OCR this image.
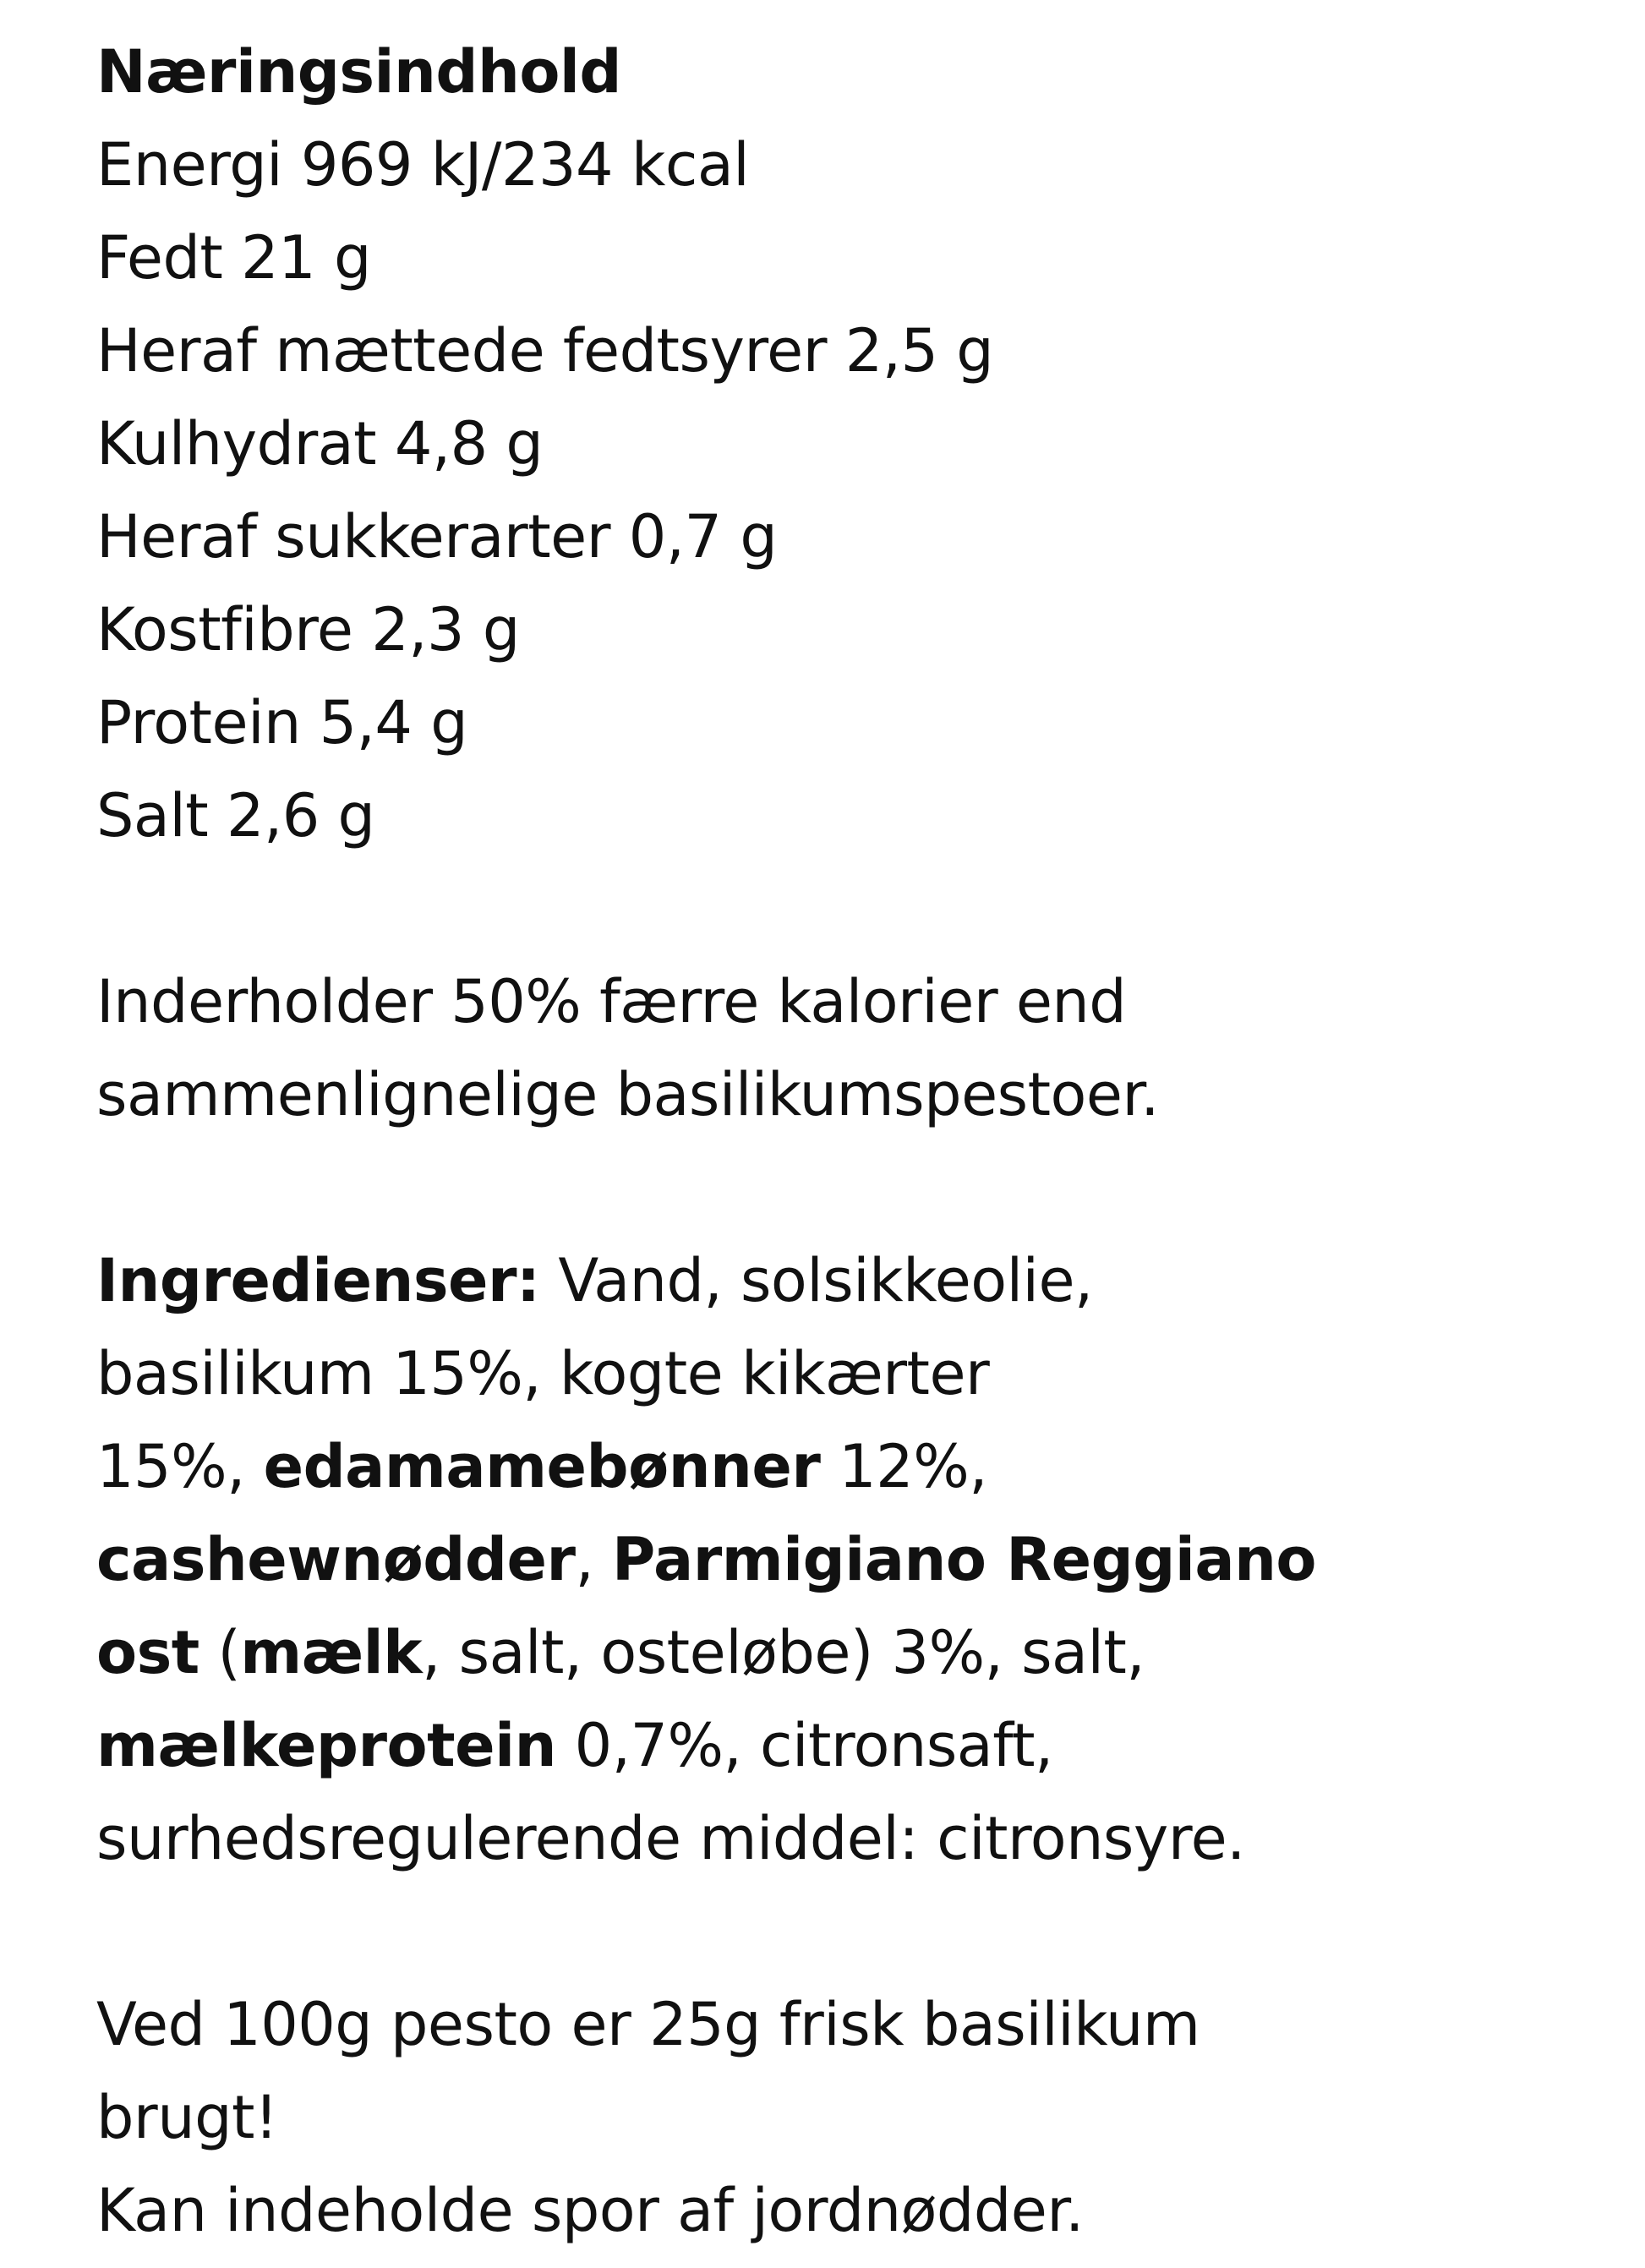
Næringsindhold
Energi 969 kJ/234 kcal
Fedt 21 g
Heraf mættede fedtsyrer 2,5 g
Kulhydrat 4,8 g
Heraf sukkerarter 0,7 g
Kostfibre 2,3 g
Protein 5,4 g
Salt 2,6 g
Inderholder 50% færre kalorier end
sammenlignelige basilikumspestoer.
Ingredienser: Vand, solsikkeolie,
basilikum 15%, kogte kikærter
15%, edamamebønner 12%,
cashewnødder, Parmigiano Reggiano
ost (mælk, salt, osteløbe) 3%, salt,
mælkeprotein 0,7%, citronsaft,
surhedsregulerende middel: citronsyre.
Ved 100g pesto er 25g frisk basilikum
brugt!
Kan indeholde spor af jordnødder.
